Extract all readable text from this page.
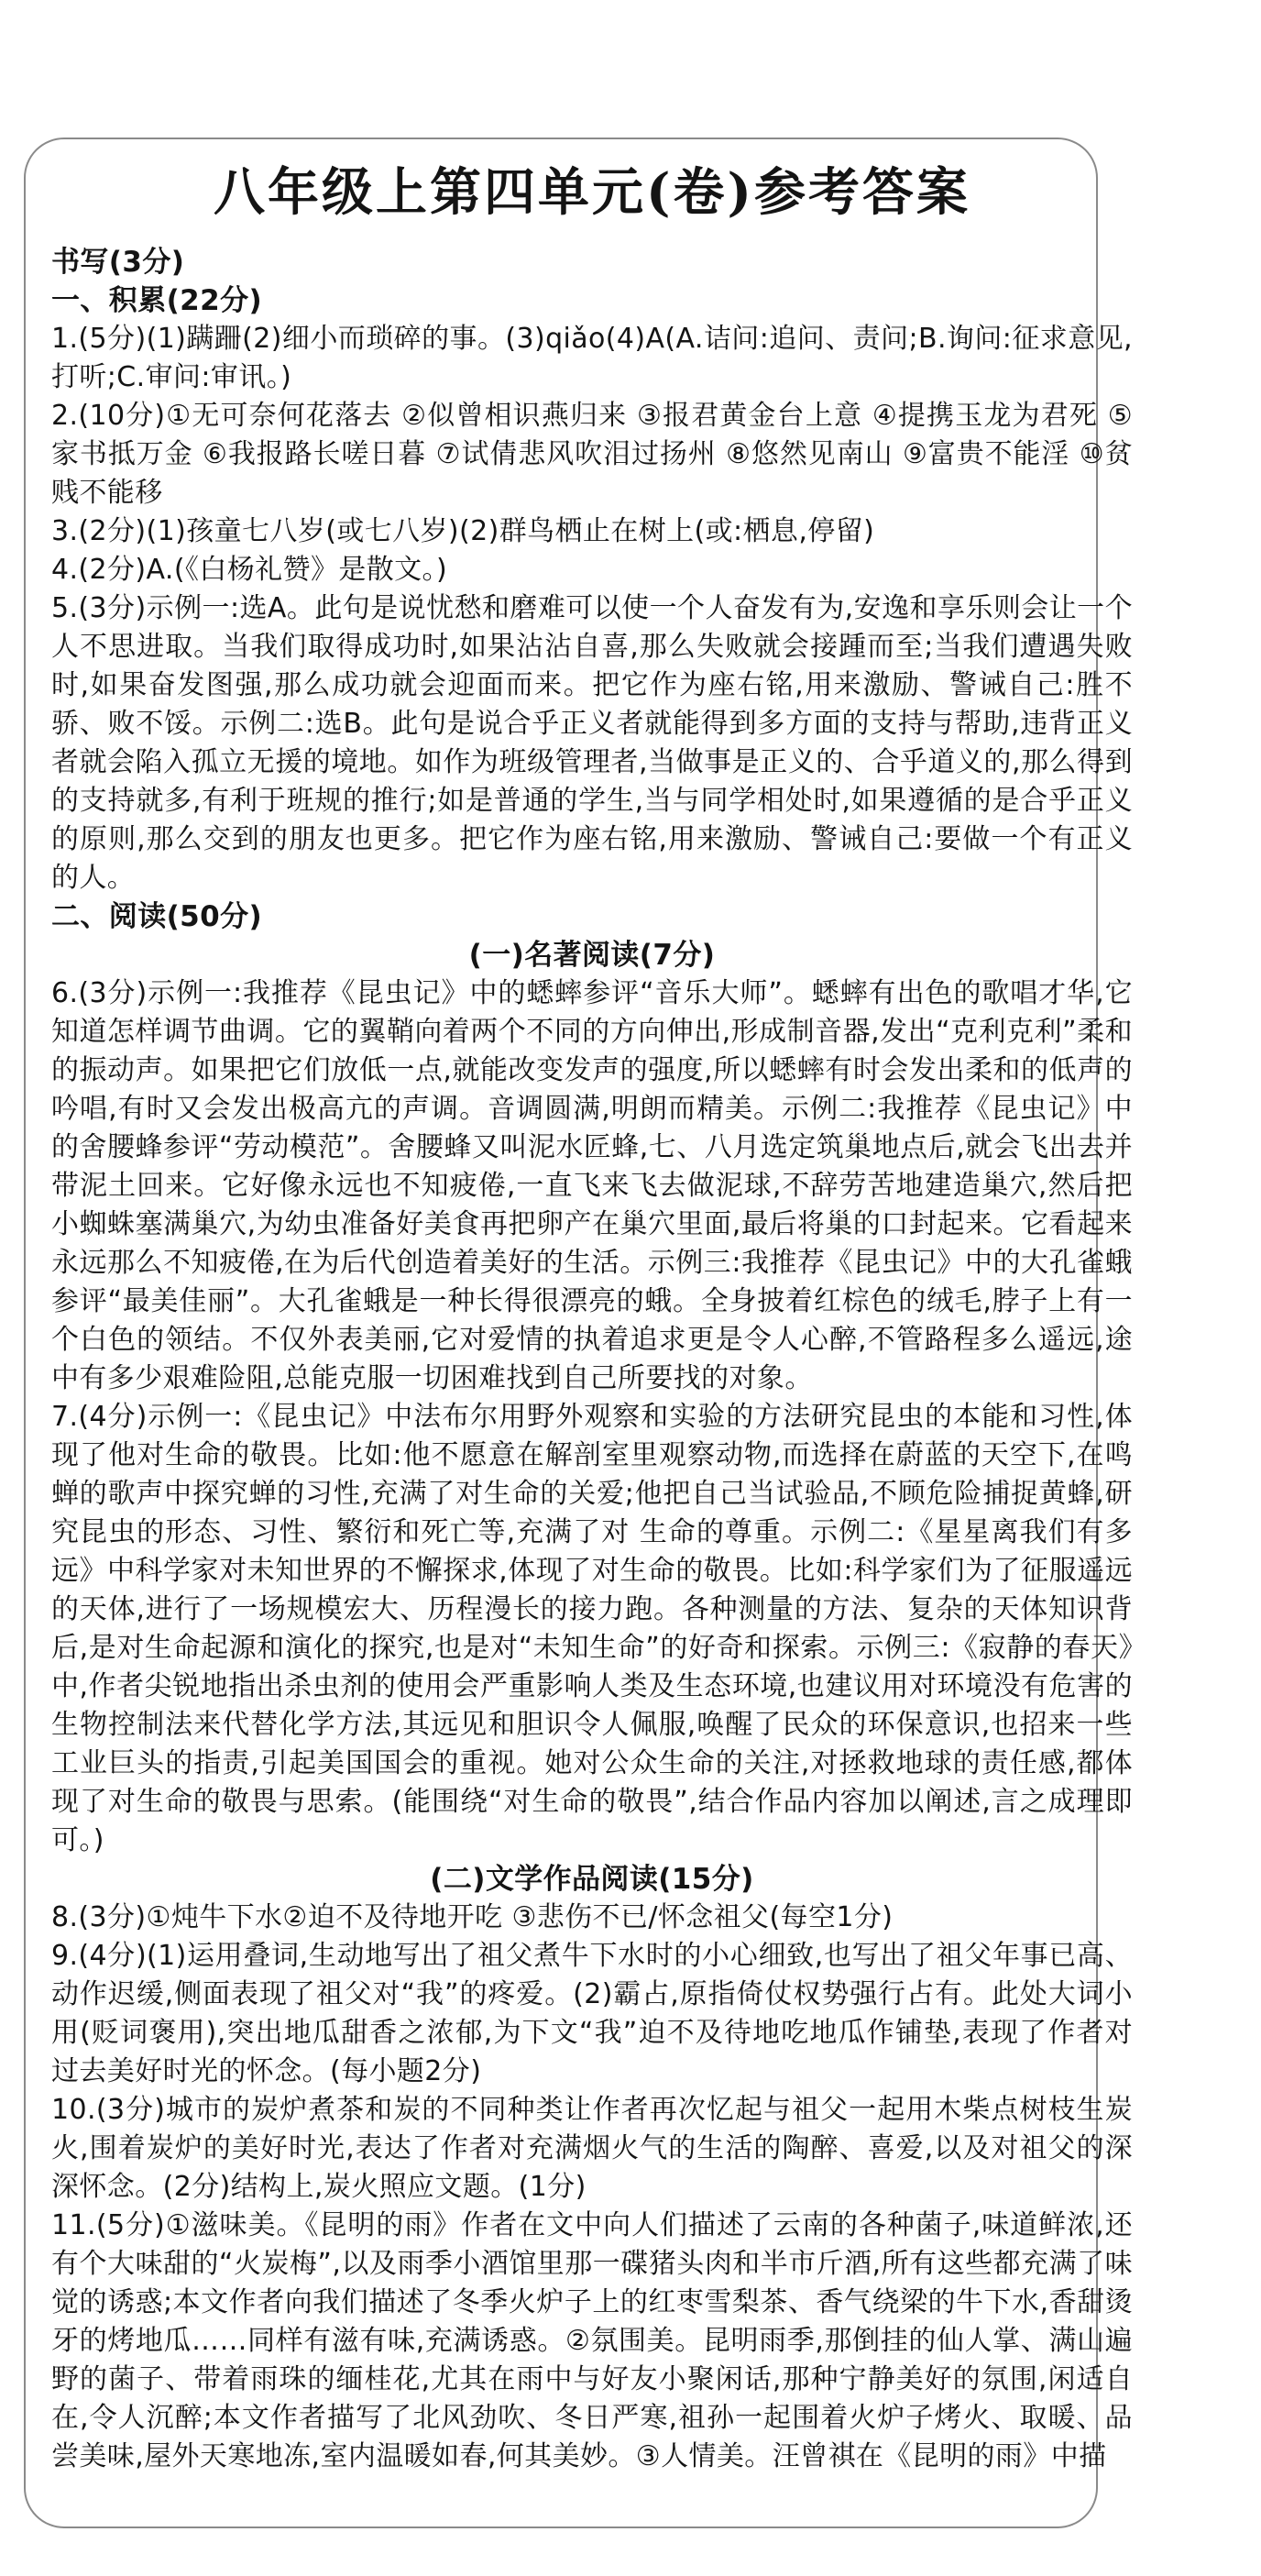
八年级上第四单元(卷)参考答案

书写(3分)

一、积累(22分)

1.(5分)(1)蹒跚(2)细小而琐碎的事。(3)qiǎo(4)A(A.诘问:追问、责问;B.询问:征求意见,打听;C.审问:审讯。)

2.(10分)①无可奈何花落去 ②似曾相识燕归来 ③报君黄金台上意 ④提携玉龙为君死 ⑤家书抵万金 ⑥我报路长嗟日暮 ⑦试倩悲风吹泪过扬州 ⑧悠然见南山 ⑨富贵不能淫 ⑩贫贱不能移

3.(2分)(1)孩童七八岁(或七八岁)(2)群鸟栖止在树上(或:栖息,停留)

4.(2分)A.(《白杨礼赞》是散文。)

5.(3分)示例一:选A。此句是说忧愁和磨难可以使一个人奋发有为,安逸和享乐则会让一个人不思进取。当我们取得成功时,如果沾沾自喜,那么失败就会接踵而至;当我们遭遇失败时,如果奋发图强,那么成功就会迎面而来。把它作为座右铭,用来激励、警诫自己:胜不骄、败不馁。示例二:选B。此句是说合乎正义者就能得到多方面的支持与帮助,违背正义者就会陷入孤立无援的境地。如作为班级管理者,当做事是正义的、合乎道义的,那么得到的支持就多,有利于班规的推行;如是普通的学生,当与同学相处时,如果遵循的是合乎正义的原则,那么交到的朋友也更多。把它作为座右铭,用来激励、警诫自己:要做一个有正义的人。

二、阅读(50分)

(一)名著阅读(7分)

6.(3分)示例一:我推荐《昆虫记》中的蟋蟀参评“音乐大师”。蟋蟀有出色的歌唱才华,它知道怎样调节曲调。它的翼鞘向着两个不同的方向伸出,形成制音器,发出“克利克利”柔和的振动声。如果把它们放低一点,就能改变发声的强度,所以蟋蟀有时会发出柔和的低声的吟唱,有时又会发出极高亢的声调。音调圆满,明朗而精美。示例二:我推荐《昆虫记》中的舍腰蜂参评“劳动模范”。舍腰蜂又叫泥水匠蜂,七、八月选定筑巢地点后,就会飞出去并带泥土回来。它好像永远也不知疲倦,一直飞来飞去做泥球,不辞劳苦地建造巢穴,然后把小蜘蛛塞满巢穴,为幼虫准备好美食再把卵产在巢穴里面,最后将巢的口封起来。它看起来永远那么不知疲倦,在为后代创造着美好的生活。示例三:我推荐《昆虫记》中的大孔雀蛾参评“最美佳丽”。大孔雀蛾是一种长得很漂亮的蛾。全身披着红棕色的绒毛,脖子上有一个白色的领结。不仅外表美丽,它对爱情的执着追求更是令人心醉,不管路程多么遥远,途中有多少艰难险阻,总能克服一切困难找到自己所要找的对象。

7.(4分)示例一:《昆虫记》中法布尔用野外观察和实验的方法研究昆虫的本能和习性,体现了他对生命的敬畏。比如:他不愿意在解剖室里观察动物,而选择在蔚蓝的天空下,在鸣蝉的歌声中探究蝉的习性,充满了对生命的关爱;他把自己当试验品,不顾危险捕捉黄蜂,研究昆虫的形态、习性、繁衍和死亡等,充满了对 生命的尊重。示例二:《星星离我们有多远》中科学家对未知世界的不懈探求,体现了对生命的敬畏。比如:科学家们为了征服遥远的天体,进行了一场规模宏大、历程漫长的接力跑。各种测量的方法、复杂的天体知识背后,是对生命起源和演化的探究,也是对“未知生命”的好奇和探索。示例三:《寂静的春天》中,作者尖锐地指出杀虫剂的使用会严重影响人类及生态环境,也建议用对环境没有危害的生物控制法来代替化学方法,其远见和胆识令人佩服,唤醒了民众的环保意识,也招来一些工业巨头的指责,引起美国国会的重视。她对公众生命的关注,对拯救地球的责任感,都体现了对生命的敬畏与思索。(能围绕“对生命的敬畏”,结合作品内容加以阐述,言之成理即可。)

(二)文学作品阅读(15分)

8.(3分)①炖牛下水②迫不及待地开吃 ③悲伤不已/怀念祖父(每空1分)

9.(4分)(1)运用叠词,生动地写出了祖父煮牛下水时的小心细致,也写出了祖父年事已高、动作迟缓,侧面表现了祖父对“我”的疼爱。(2)霸占,原指倚仗权势强行占有。此处大词小用(贬词褒用),突出地瓜甜香之浓郁,为下文“我”迫不及待地吃地瓜作铺垫,表现了作者对过去美好时光的怀念。(每小题2分)

10.(3分)城市的炭炉煮茶和炭的不同种类让作者再次忆起与祖父一起用木柴点树枝生炭火,围着炭炉的美好时光,表达了作者对充满烟火气的生活的陶醉、喜爱,以及对祖父的深深怀念。(2分)结构上,炭火照应文题。(1分)

11.(5分)①滋味美。《昆明的雨》作者在文中向人们描述了云南的各种菌子,味道鲜浓,还有个大味甜的“火炭梅”,以及雨季小酒馆里那一碟猪头肉和半市斤酒,所有这些都充满了味觉的诱惑;本文作者向我们描述了冬季火炉子上的红枣雪梨茶、香气绕梁的牛下水,香甜烫牙的烤地瓜……同样有滋有味,充满诱惑。②氛围美。昆明雨季,那倒挂的仙人掌、满山遍野的菌子、带着雨珠的缅桂花,尤其在雨中与好友小聚闲话,那种宁静美好的氛围,闲适自在,令人沉醉;本文作者描写了北风劲吹、冬日严寒,祖孙一起围着火炉子烤火、取暖、品尝美味,屋外天寒地冻,室内温暖如春,何其美妙。③人情美。汪曾祺在《昆明的雨》中描
